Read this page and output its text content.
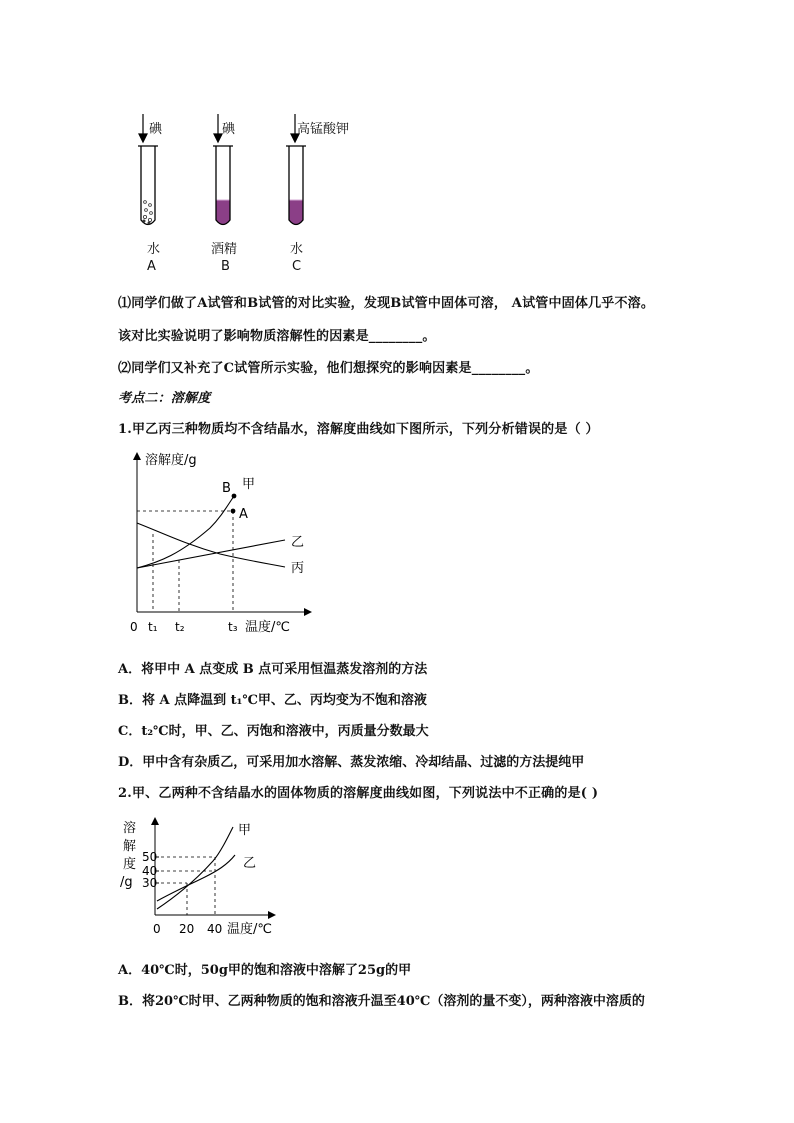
碘	碘	高锰酸钾
水	酒精	水
A	B	C
⑴同学们做了A试管和B试管的对比实验，发现B试管中固体可溶， A试管中固体几乎不溶。
该对比实验说明了影响物质溶解性的因素是________。
⑵同学们又补充了C试管所示实验，他们想探究的影响因素是________。
考点二：溶解度
1.甲乙丙三种物质均不含结晶水，溶解度曲线如下图所示，下列分析错误的是（ ）
溶解度/g
温度/℃
0 t₁ t₂	t₃
甲
乙
丙
B
A
A．将甲中 A 点变成 B 点可采用恒温蒸发溶剂的方法
B．将 A 点降温到 t₁℃甲、乙、丙均变为不饱和溶液
C．t₂℃时，甲、乙、丙饱和溶液中，丙质量分数最大
D．甲中含有杂质乙，可采用加水溶解、蒸发浓缩、冷却结晶、过滤的方法提纯甲
2.甲、乙两种不含结晶水的固体物质的溶解度曲线如图，下列说法中不正确的是( )
溶
解
度
/g
50
40
30
0 20 40 温度/℃
甲
乙
A．40℃时，50g甲的饱和溶液中溶解了25g的甲
B．将20℃时甲、乙两种物质的饱和溶液升温至40℃（溶剂的量不变），两种溶液中溶质的
